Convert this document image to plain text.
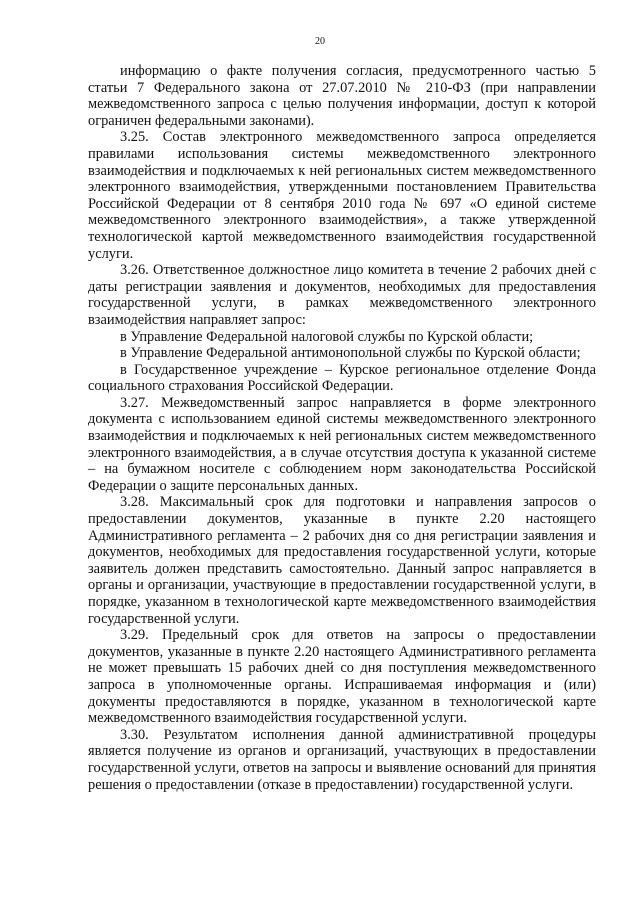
20

информацию о факте получения согласия, предусмотренного частью 5 статьи 7 Федерального закона от 27.07.2010 № 210-ФЗ (при направлении межведомственного запроса с целью получения информации, доступ к которой ограничен федеральными законами).

3.25. Состав электронного межведомственного запроса определяется правилами использования системы межведомственного электронного взаимодействия и подключаемых к ней региональных систем межведомственного электронного взаимодействия, утвержденными постановлением Правительства Российской Федерации от 8 сентября 2010 года № 697 «О единой системе межведомственного электронного взаимодействия», а также утвержденной технологической картой межведомственного взаимодействия государственной услуги.

3.26. Ответственное должностное лицо комитета в течение 2 рабочих дней с даты регистрации заявления и документов, необходимых для предоставления государственной услуги, в рамках межведомственного электронного взаимодействия направляет запрос:

в Управление Федеральной налоговой службы по Курской области;

в Управление Федеральной антимонопольной службы по Курской области;

в Государственное учреждение – Курское региональное отделение Фонда социального страхования Российской Федерации.

3.27. Межведомственный запрос направляется в форме электронного документа с использованием единой системы межведомственного электронного взаимодействия и подключаемых к ней региональных систем межведомственного электронного взаимодействия, а в случае отсутствия доступа к указанной системе – на бумажном носителе с соблюдением норм законодательства Российской Федерации о защите персональных данных.

3.28. Максимальный срок для подготовки и направления запросов о предоставлении документов, указанные в пункте 2.20 настоящего Административного регламента – 2 рабочих дня со дня регистрации заявления и документов, необходимых для предоставления государственной услуги, которые заявитель должен представить самостоятельно. Данный запрос направляется в органы и организации, участвующие в предоставлении государственной услуги, в порядке, указанном в технологической карте межведомственного взаимодействия государственной услуги.

3.29. Предельный срок для ответов на запросы о предоставлении документов, указанные в пункте 2.20 настоящего Административного регламента не может превышать 15 рабочих дней со дня поступления межведомственного запроса в уполномоченные органы. Испрашиваемая информация и (или) документы предоставляются в порядке, указанном в технологической карте межведомственного взаимодействия государственной услуги.

3.30. Результатом исполнения данной административной процедуры является получение из органов и организаций, участвующих в предоставлении государственной услуги, ответов на запросы и выявление оснований для принятия решения о предоставлении (отказе в предоставлении) государственной услуги.
